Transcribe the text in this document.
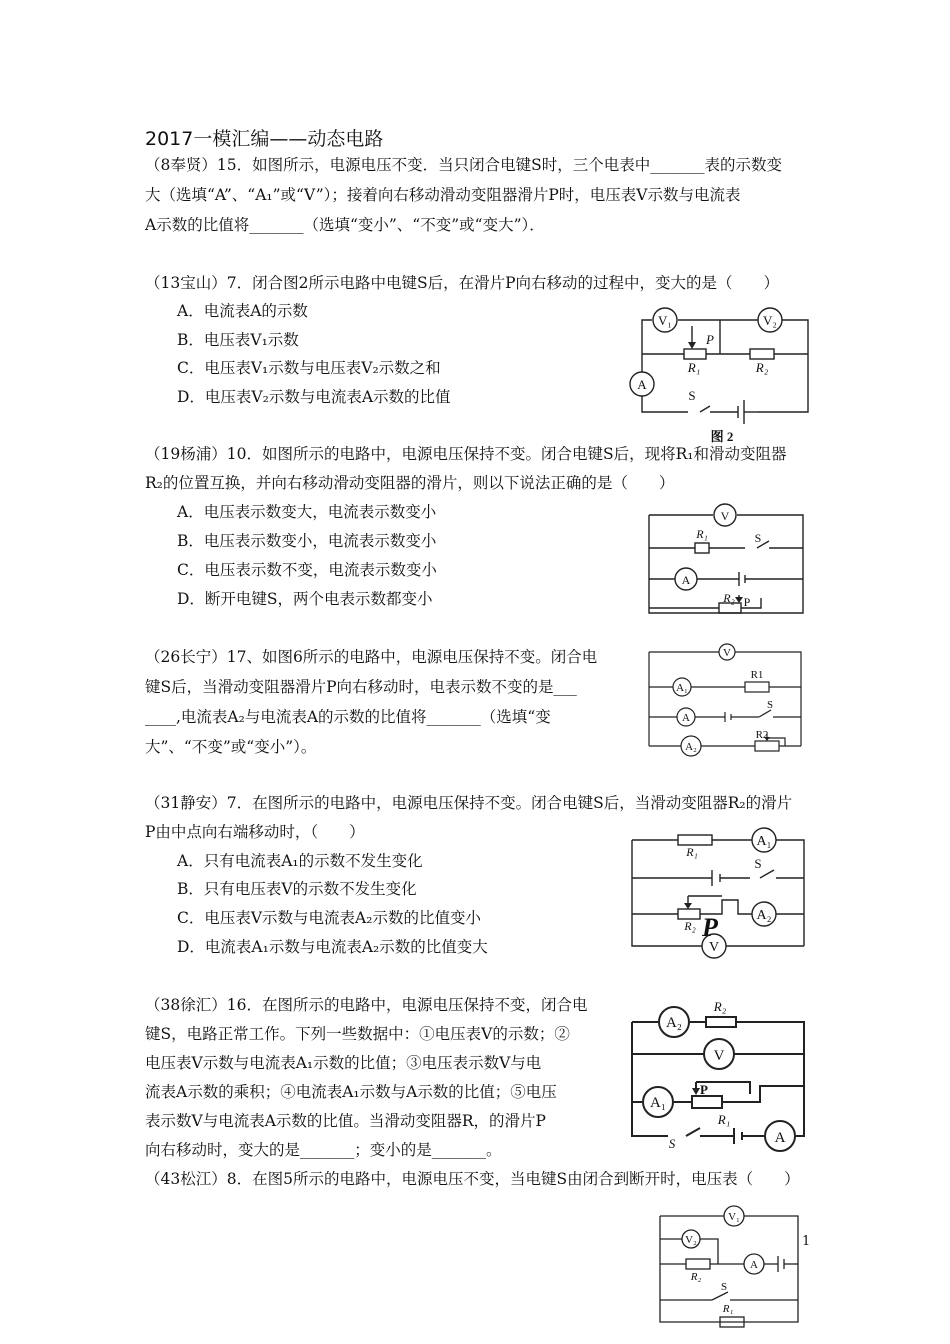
2017一模汇编——动态电路
（8奉贤）15．如图所示，电源电压不变．当只闭合电键S时，三个电表中_______表的示数变
大（选填“A”、“A₁”或“V”）；接着向右移动滑动变阻器滑片P时，电压表V示数与电流表
A示数的比值将_______（选填“变小”、“不变”或“变大”）．
（13宝山）7．闭合图2所示电路中电键S后，在滑片P向右移动的过程中，变大的是（　　）
A．电流表A的示数
B．电压表V₁示数
C．电压表V₁示数与电压表V₂示数之和
D．电压表V₂示数与电流表A示数的比值
V₁	V₂
A
R₁	R₂
P
S
图 2
（19杨浦）10．如图所示的电路中，电源电压保持不变。闭合电键S后，现将R₁和滑动变阻器
R₂的位置互换，并向右移动滑动变阻器的滑片，则以下说法正确的是（　　）
A．电压表示数变大，电流表示数变小
B．电压表示数变小，电流表示数变小
C．电压表示数不变，电流表示数变小
D．断开电键S，两个电表示数都变小
V
A
R₁
R₂ P
S
（26长宁）17、如图6所示的电路中，电源电压保持不变。闭合电
键S后，当滑动变阻器滑片P向右移动时，电表示数不变的是___
____,电流表A₂与电流表A的示数的比值将_______（选填“变
大”、“不变”或“变小”）。
V
A₁
A
A₂
R1
R2
S
（31静安）7．在图所示的电路中，电源电压保持不变。闭合电键S后，当滑动变阻器R₂的滑片
P由中点向右端移动时，（　　）
A．只有电流表A₁的示数不发生变化
B．只有电压表V的示数不发生变化
C．电压表V示数与电流表A₂示数的比值变小
D．电流表A₁示数与电流表A₂示数的比值变大
A₁
A₂
V
R₁
R₂ P
S
（38徐汇）16．在图所示的电路中，电源电压保持不变，闭合电
键S，电路正常工作。下列一些数据中：①电压表V的示数；②
电压表V示数与电流表A₁示数的比值；③电压表示数V与电
流表A示数的乘积；④电流表A₁示数与A示数的比值；⑤电压
表示数V与电流表A示数的比值。当滑动变阻器R，的滑片P
向右移动时，变大的是_______；变小的是_______。
A₂
V
A₁
A
R₂
R₁
P
S
（43松江）8．在图5所示的电路中，电源电压不变，当电键S由闭合到断开时，电压表（　　）
V₁
V₂
A
R₂
R₁
S
1
